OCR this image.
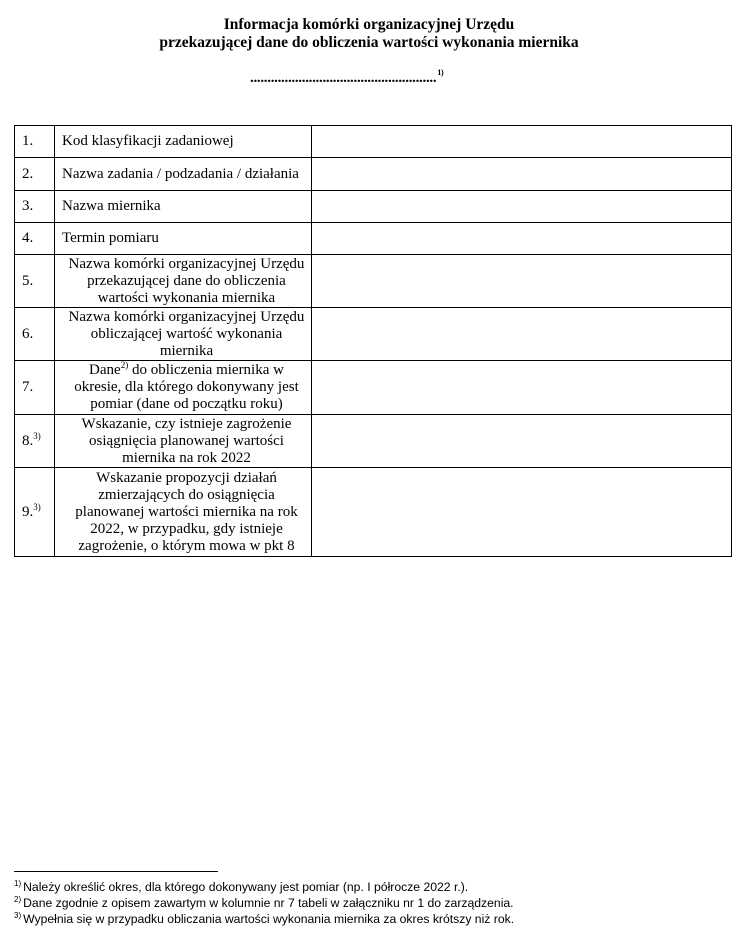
Informacja komórki organizacyjnej Urzędu
przekazującej dane do obliczenia wartości wykonania miernika
......................................................$^{1)}$
1.	Kod klasyfikacji zadaniowej	

2.	Nazwa zadania / podzadania / działania	

3.	Nazwa miernika	

4.	Termin pomiaru	

5.	Nazwa komórki organizacyjnej Urzędu
przekazującej dane do obliczenia
wartości wykonania miernika	

6.	Nazwa komórki organizacyjnej Urzędu
obliczającej wartość wykonania
miernika	

7.	Dane$^{2)}$ do obliczenia miernika w
okresie, dla którego dokonywany jest
pomiar (dane od początku roku)	

8.$^{3)}$	Wskazanie, czy istnieje zagrożenie
osiągnięcia planowanej wartości
miernika na rok 2022	

9.$^{3)}$	Wskazanie propozycji działań
zmierzających do osiągnięcia
planowanej wartości miernika na rok
2022, w przypadku, gdy istnieje
zagrożenie, o którym mowa w pkt 8	

$^{1)}$ Należy określić okres, dla którego dokonywany jest pomiar (np. I półrocze 2022 r.).
$^{2)}$ Dane zgodnie z opisem zawartym w kolumnie nr 7 tabeli w załączniku nr 1 do zarządzenia.
$^{3)}$ Wypełnia się w przypadku obliczania wartości wykonania miernika za okres krótszy niż rok.
